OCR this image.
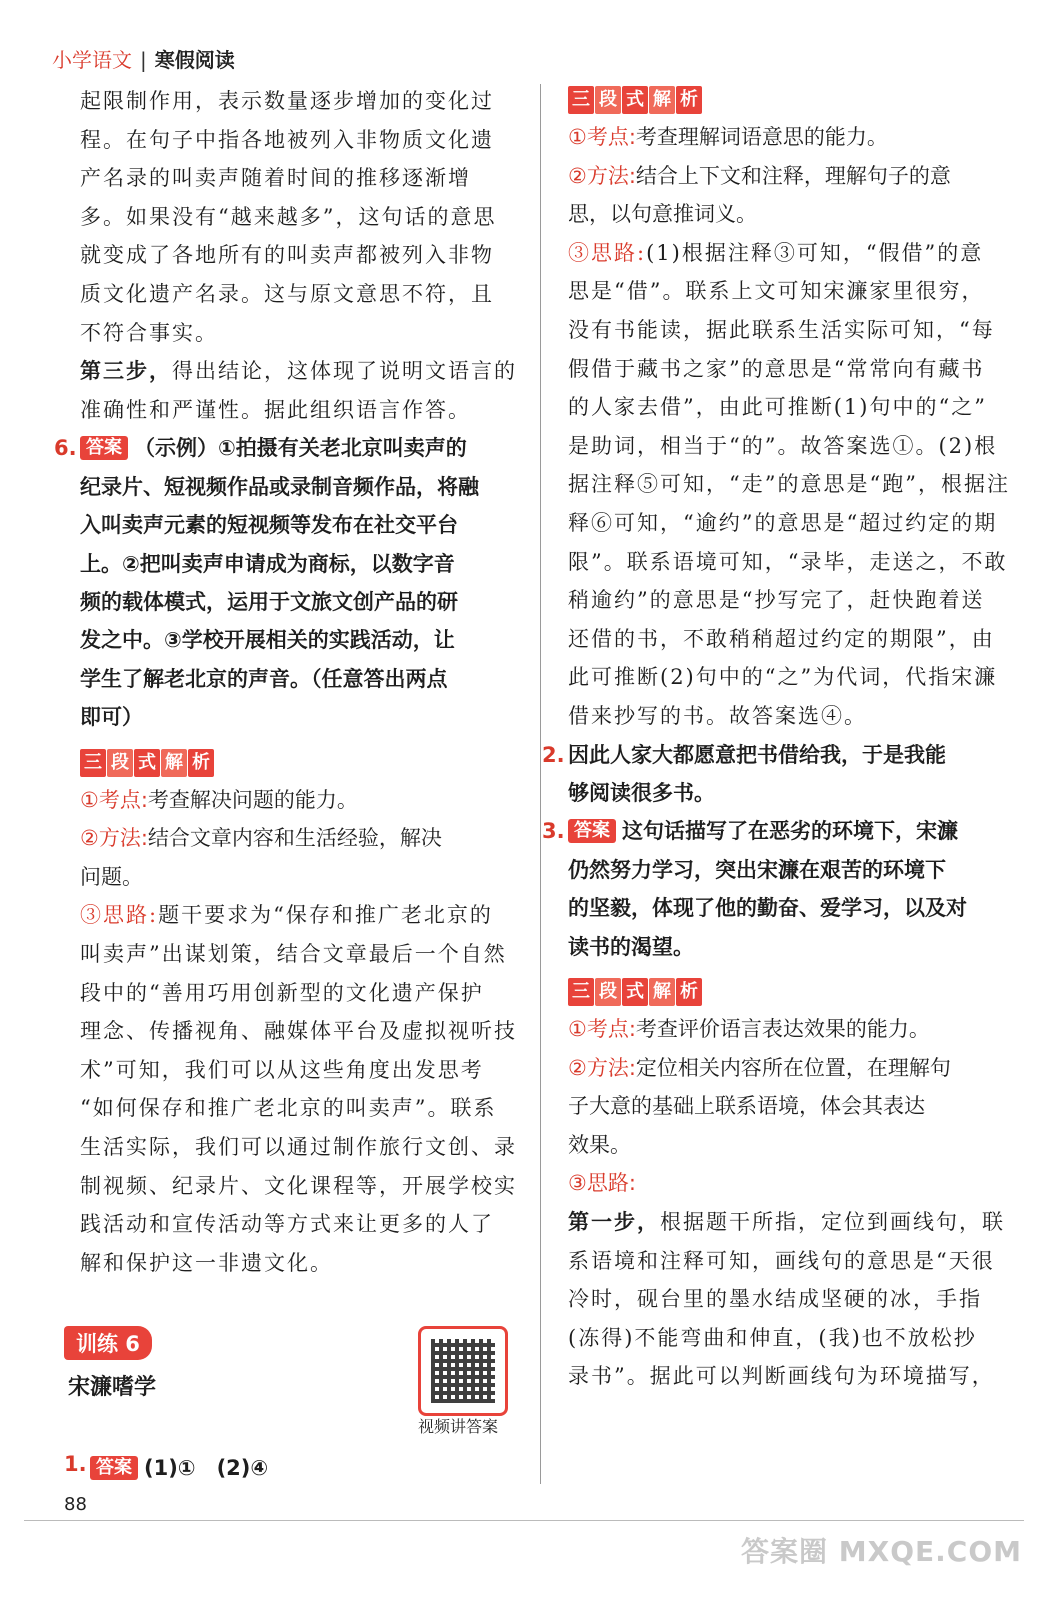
小学语文 | 寒假阅读

起限制作用，表示数量逐步增加的变化过

程。在句子中指各地被列入非物质文化遗

产名录的叫卖声随着时间的推移逐渐增

多。如果没有“越来越多”，这句话的意思

就变成了各地所有的叫卖声都被列入非物

质文化遗产名录。这与原文意思不符，且

不符合事实。

第三步，得出结论，这体现了说明文语言的

准确性和严谨性。据此组织语言作答。

6. 答案 （示例）①拍摄有关老北京叫卖声的

纪录片、短视频作品或录制音频作品，将融

入叫卖声元素的短视频等发布在社交平台

上。②把叫卖声申请成为商标，以数字音

频的载体模式，运用于文旅文创产品的研

发之中。③学校开展相关的实践活动，让

学生了解老北京的声音。（任意答出两点

即可）

三 段 式 解 析

①考点:考查解决问题的能力。

②方法:结合文章内容和生活经验，解决

问题。

③思路:题干要求为“保存和推广老北京的

叫卖声”出谋划策，结合文章最后一个自然

段中的“善用巧用创新型的文化遗产保护

理念、传播视角、融媒体平台及虚拟视听技

术”可知，我们可以从这些角度出发思考

“如何保存和推广老北京的叫卖声”。联系

生活实际，我们可以通过制作旅行文创、录

制视频、纪录片、文化课程等，开展学校实

践活动和宣传活动等方式来让更多的人了

解和保护这一非遗文化。

训练 6
宋濂嗜学
视频讲答案
1. 答案 (1)①　(2)④
三 段 式 解 析

①考点:考查理解词语意思的能力。

②方法:结合上下文和注释，理解句子的意

思，以句意推词义。

③思路:(1)根据注释③可知，“假借”的意

思是“借”。联系上文可知宋濂家里很穷，

没有书能读，据此联系生活实际可知，“每

假借于藏书之家”的意思是“常常向有藏书

的人家去借”，由此可推断(1)句中的“之”

是助词，相当于“的”。故答案选①。(2)根

据注释⑤可知，“走”的意思是“跑”，根据注

释⑥可知，“逾约”的意思是“超过约定的期

限”。联系语境可知，“录毕，走送之，不敢

稍逾约”的意思是“抄写完了，赶快跑着送

还借的书，不敢稍稍超过约定的期限”，由

此可推断(2)句中的“之”为代词，代指宋濂

借来抄写的书。故答案选④。

2. 因此人家大都愿意把书借给我，于是我能

够阅读很多书。

3. 答案 这句话描写了在恶劣的环境下，宋濂

仍然努力学习，突出宋濂在艰苦的环境下

的坚毅，体现了他的勤奋、爱学习，以及对

读书的渴望。

三 段 式 解 析

①考点:考查评价语言表达效果的能力。

②方法:定位相关内容所在位置，在理解句

子大意的基础上联系语境，体会其表达

效果。

③思路:

第一步，根据题干所指，定位到画线句，联

系语境和注释可知，画线句的意思是“天很

冷时，砚台里的墨水结成坚硬的冰，手指

(冻得)不能弯曲和伸直，(我)也不放松抄

录书”。据此可以判断画线句为环境描写，

88
答案圈 MXQE.COM
